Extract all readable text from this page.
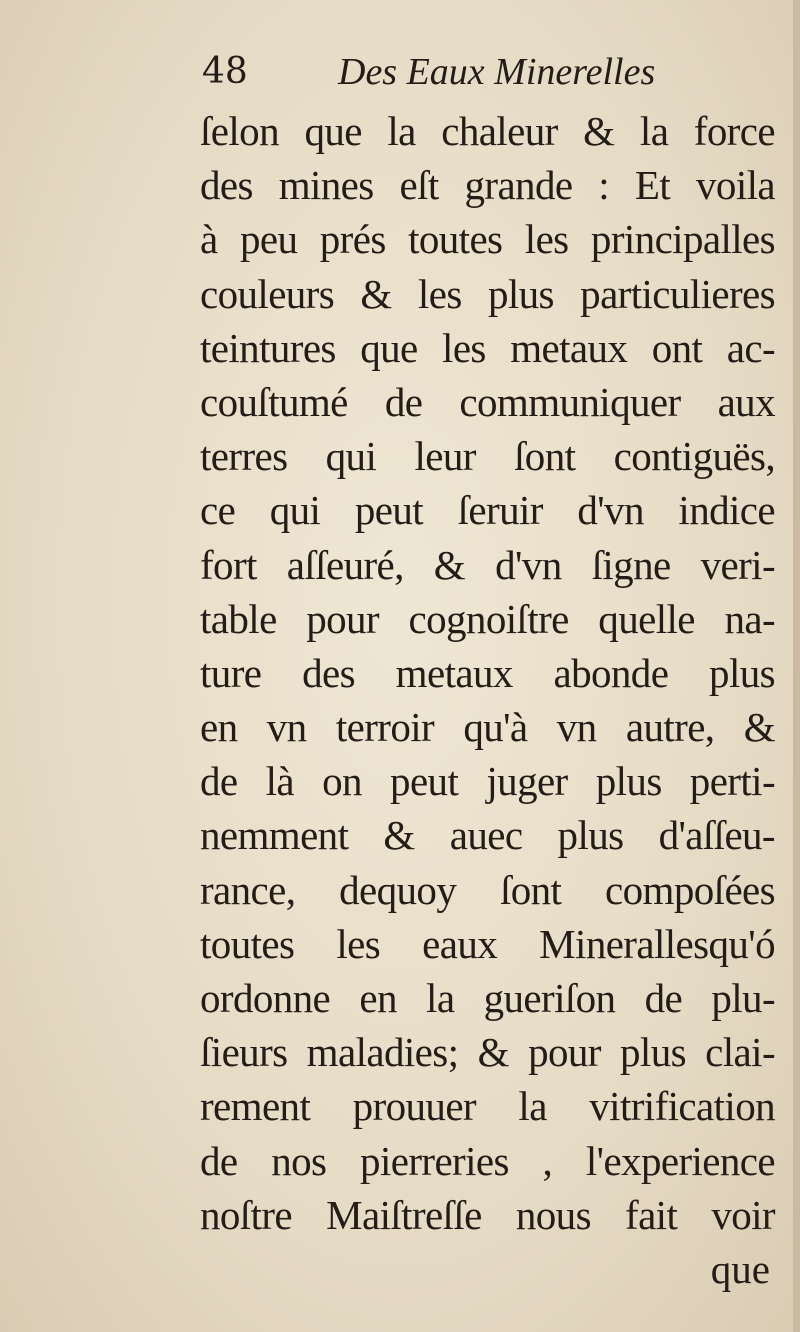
48 Des Eaux Minerelles
ſelon que la chaleur & la force
des mines eſt grande : Et voila
à peu prés toutes les principalles
couleurs & les plus particulieres
teintures que les metaux ont ac-
couſtumé de communiquer aux
terres qui leur ſont contiguës,
ce qui peut ſeruir d'vn indice
fort aſſeuré, & d'vn ſigne veri-
table pour cognoiſtre quelle na-
ture des metaux abonde plus
en vn terroir qu'à vn autre, &
de là on peut juger plus perti-
nemment & auec plus d'aſſeu-
rance, dequoy ſont compoſées
toutes les eaux Minerallesqu'ó
ordonne en la gueriſon de plu-
ſieurs maladies; & pour plus clai-
rement prouuer la vitrification
de nos pierreries , l'experience
noſtre Maiſtreſſe nous fait voir
que
